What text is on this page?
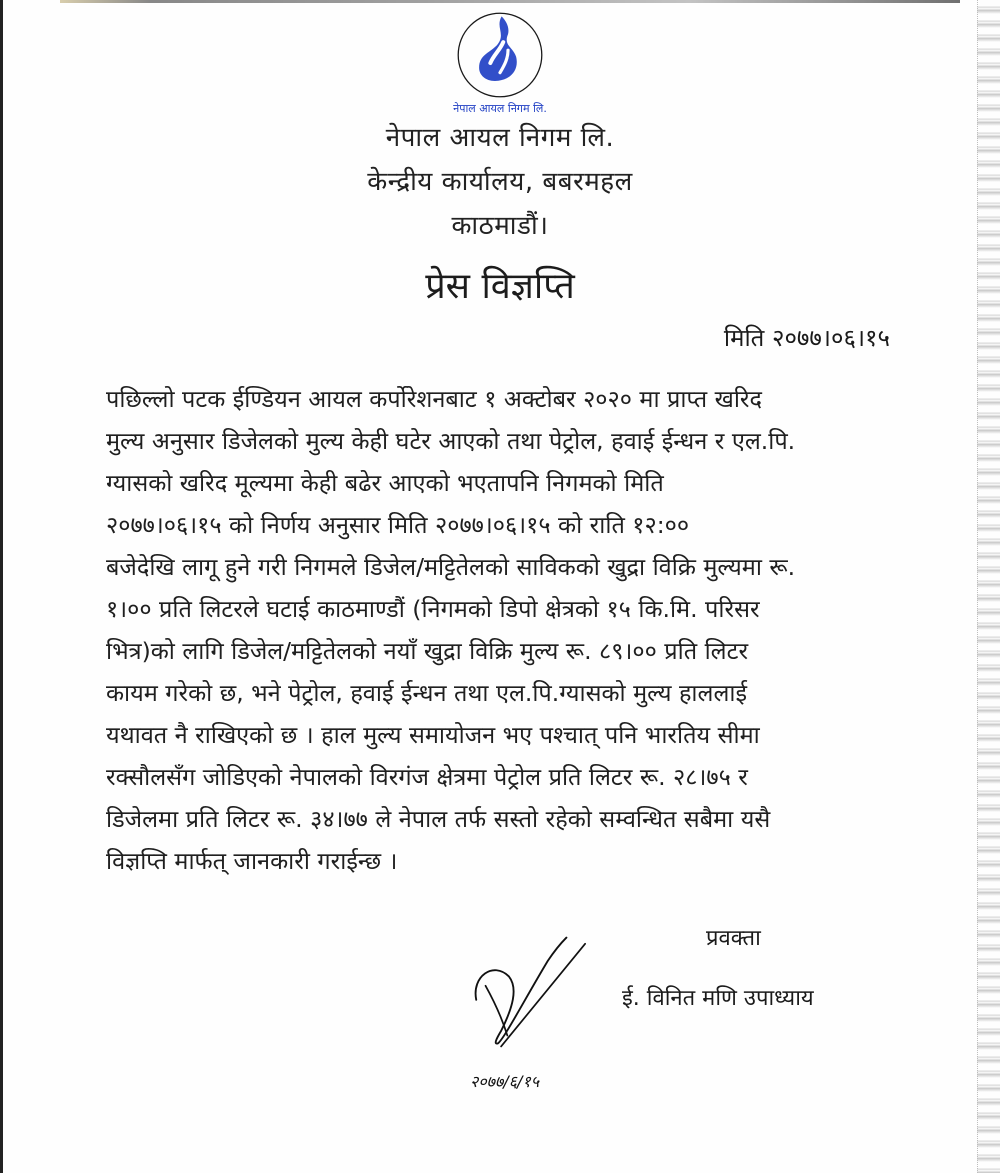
नेपाल आयल निगम लि.
नेपाल आयल निगम लि.
केन्द्रीय कार्यालय, बबरमहल
काठमाडौं।
प्रेस विज्ञप्ति
मिति २०७७।०६।१५
पछिल्लो पटक ईण्डियन आयल कर्पोरेशनबाट १ अक्टोबर २०२० मा प्राप्त खरिद
मुल्य अनुसार डिजेलको मुल्य केही घटेर आएको तथा पेट्रोल, हवाई ईन्धन र एल.पि.
ग्यासको खरिद मूल्यमा केही बढेर आएको भएतापनि निगमको मिति
२०७७।०६।१५ को निर्णय अनुसार मिति २०७७।०६।१५ को राति १२:००
बजेदेखि लागू हुने गरी निगमले डिजेल/मट्टितेलको साविकको खुद्रा विक्रि मुल्यमा रू.
१।०० प्रति लिटरले घटाई काठमाण्डौं (निगमको डिपो क्षेत्रको १५ कि.मि. परिसर
भित्र)को लागि डिजेल/मट्टितेलको नयाँ खुद्रा विक्रि मुल्य रू. ८९।०० प्रति लिटर
कायम गरेको छ, भने पेट्रोल, हवाई ईन्धन तथा एल.पि.ग्यासको मुल्य हाललाई
यथावत नै राखिएको छ । हाल मुल्य समायोजन भए पश्चात् पनि भारतिय सीमा
रक्सौलसँग जोडिएको नेपालको विरगंज क्षेत्रमा पेट्रोल प्रति लिटर रू. २८।७५ र
डिजेलमा प्रति लिटर रू. ३४।७७ ले नेपाल तर्फ सस्तो रहेको सम्वन्धित सबैमा यसै
विज्ञप्ति मार्फत् जानकारी गराईन्छ ।
२०७७/६/१५
प्रवक्ता
ई. विनित मणि उपाध्याय
